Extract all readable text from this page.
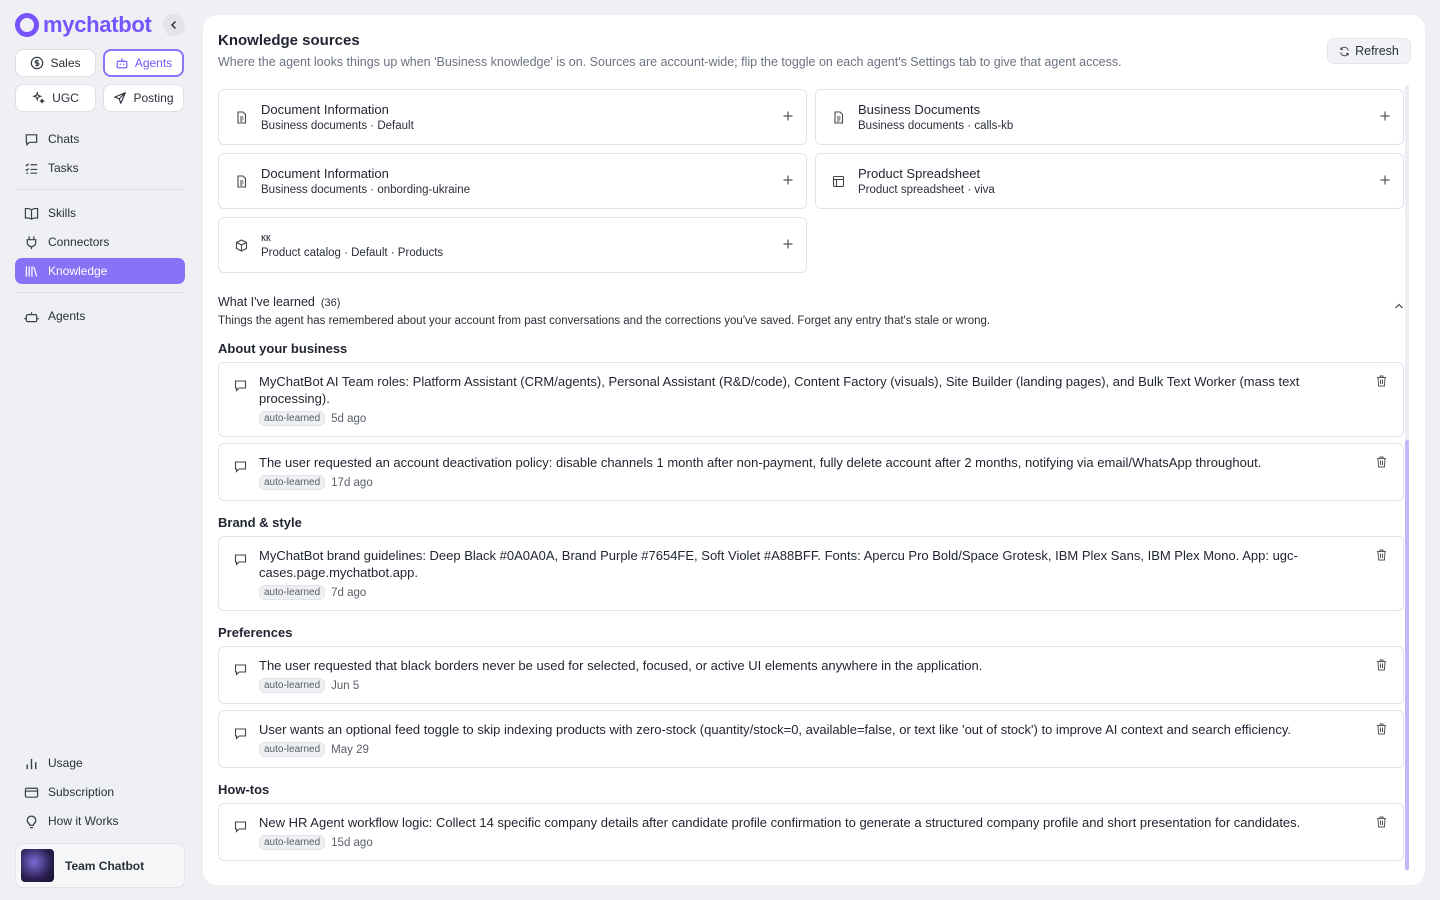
mychatbot
Sales	Agents
UGC	Posting
Chats
Tasks
Skills
Connectors
Knowledge
Agents
Usage
Subscription
How it Works
Team Chatbot
Knowledge sources

Where the agent looks things up when 'Business knowledge' is on. Sources are account-wide; flip the toggle on each agent's Settings tab to give that agent access.

Refresh
Document Information
Business documents · Default
Business Documents
Business documents · calls-kb
Document Information
Business documents · onbording-ukraine
Product Spreadsheet
Product spreadsheet · viva
кк
Product catalog · Default · Products
What I've learned (36)

Things the agent has remembered about your account from past conversations and the corrections you've saved. Forget any entry that's stale or wrong.

About your business

MyChatBot AI Team roles: Platform Assistant (CRM/agents), Personal Assistant (R&D/code), Content Factory (visuals), Site Builder (landing pages), and Bulk Text Worker (mass text processing).

auto-learned 5d ago

The user requested an account deactivation policy: disable channels 1 month after non-payment, fully delete account after 2 months, notifying via email/WhatsApp throughout.

auto-learned 17d ago
Brand & style

MyChatBot brand guidelines: Deep Black #0A0A0A, Brand Purple #7654FE, Soft Violet #A88BFF. Fonts: Apercu Pro Bold/Space Grotesk, IBM Plex Sans, IBM Plex Mono. App: ugc-cases.page.mychatbot.app.

auto-learned 7d ago
Preferences

The user requested that black borders never be used for selected, focused, or active UI elements anywhere in the application.

auto-learned Jun 5

User wants an optional feed toggle to skip indexing products with zero-stock (quantity/stock=0, available=false, or text like 'out of stock') to improve AI context and search efficiency.

auto-learned May 29
How-tos

New HR Agent workflow logic: Collect 14 specific company details after candidate profile confirmation to generate a structured company profile and short presentation for candidates.

auto-learned 15d ago
